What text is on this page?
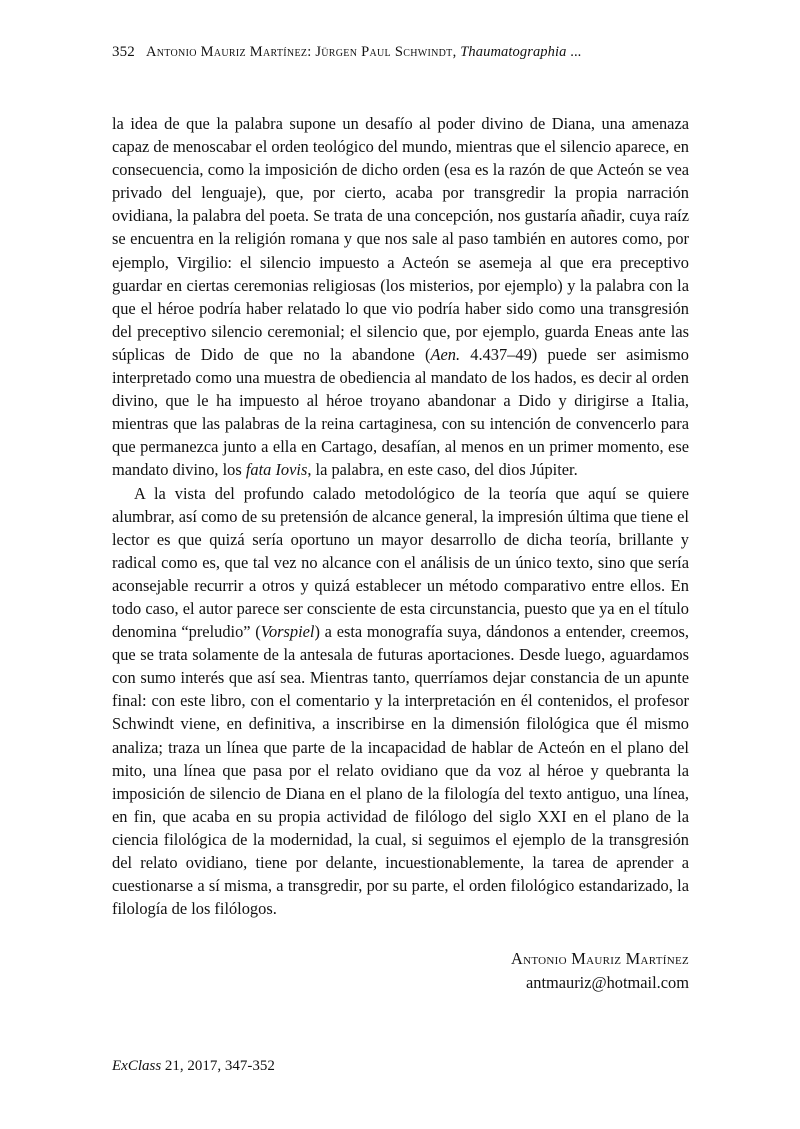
352 Antonio Mauriz Martínez: Jürgen Paul Schwindt, Thaumatographia ...

la idea de que la palabra supone un desafío al poder divino de Diana, una amenaza capaz de menoscabar el orden teológico del mundo, mientras que el silencio aparece, en consecuencia, como la imposición de dicho orden (esa es la razón de que Acteón se vea privado del lenguaje), que, por cierto, acaba por transgredir la propia narración ovidiana, la palabra del poeta. Se trata de una concepción, nos gustaría añadir, cuya raíz se encuentra en la religión romana y que nos sale al paso también en autores como, por ejemplo, Virgilio: el silencio impuesto a Acteón se asemeja al que era preceptivo guardar en ciertas ceremonias religiosas (los misterios, por ejemplo) y la palabra con la que el héroe podría haber relatado lo que vio podría haber sido como una transgresión del preceptivo silencio ceremonial; el silencio que, por ejemplo, guarda Eneas ante las súplicas de Dido de que no la abandone (Aen. 4.437–49) puede ser asimismo interpretado como una muestra de obediencia al mandato de los hados, es decir al orden divino, que le ha impuesto al héroe troyano abandonar a Dido y dirigirse a Italia, mientras que las palabras de la reina cartaginesa, con su intención de convencerlo para que permanezca junto a ella en Cartago, desafían, al menos en un primer momento, ese mandato divino, los fata Iovis, la palabra, en este caso, del dios Júpiter.

A la vista del profundo calado metodológico de la teoría que aquí se quiere alumbrar, así como de su pretensión de alcance general, la impresión última que tiene el lector es que quizá sería oportuno un mayor desarrollo de dicha teoría, brillante y radical como es, que tal vez no alcance con el análisis de un único texto, sino que sería aconsejable recurrir a otros y quizá establecer un método comparativo entre ellos. En todo caso, el autor parece ser consciente de esta circunstancia, puesto que ya en el título denomina “preludio” (Vorspiel) a esta monografía suya, dándonos a entender, creemos, que se trata solamente de la antesala de futuras aportaciones. Desde luego, aguardamos con sumo interés que así sea. Mientras tanto, querríamos dejar constancia de un apunte final: con este libro, con el comentario y la interpretación en él contenidos, el profesor Schwindt viene, en definitiva, a inscribirse en la dimensión filológica que él mismo analiza; traza un línea que parte de la incapacidad de hablar de Acteón en el plano del mito, una línea que pasa por el relato ovidiano que da voz al héroe y quebranta la imposición de silencio de Diana en el plano de la filología del texto antiguo, una línea, en fin, que acaba en su propia actividad de filólogo del siglo XXI en el plano de la ciencia filológica de la modernidad, la cual, si seguimos el ejemplo de la transgresión del relato ovidiano, tiene por delante, incuestionablemente, la tarea de aprender a cuestionarse a sí misma, a transgredir, por su parte, el orden filológico estandarizado, la filología de los filólogos.

Antonio Mauriz Martínez
antmauriz@hotmail.com
ExClass 21, 2017, 347-352
